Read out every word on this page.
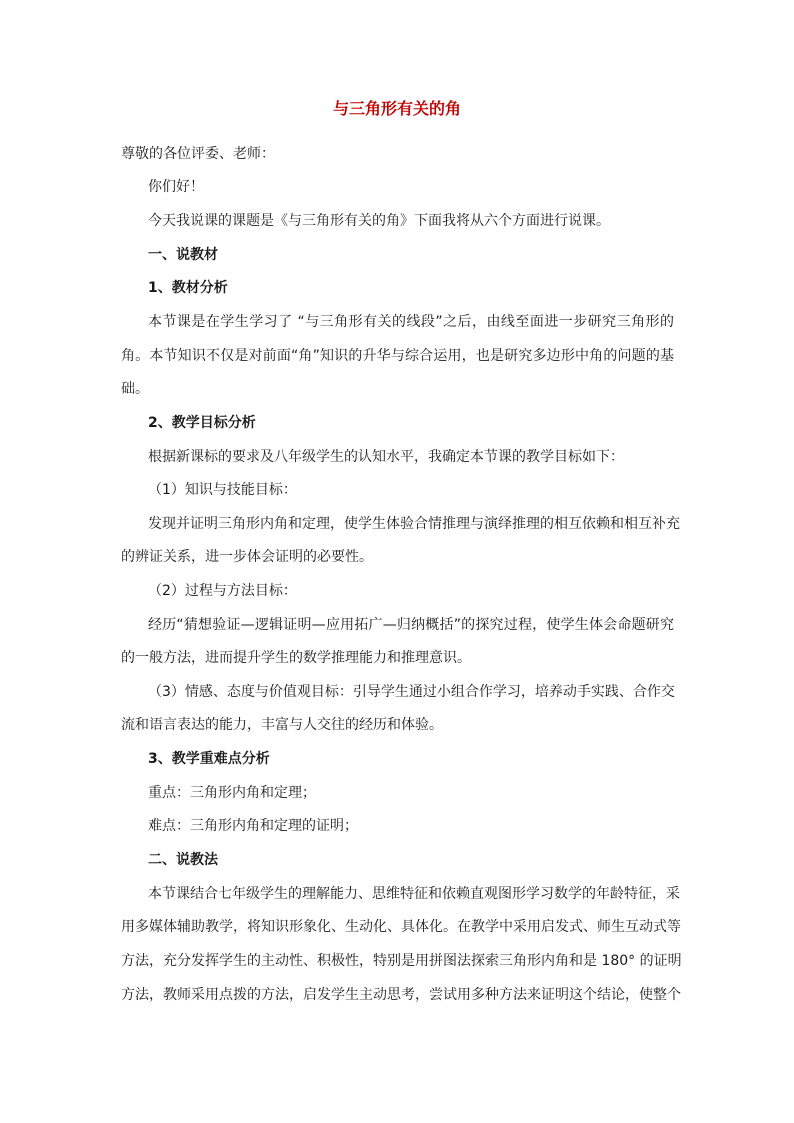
与三角形有关的角
尊敬的各位评委、老师：
你们好！
今天我说课的课题是《与三角形有关的角》下面我将从六个方面进行说课。
一、说教材
1、教材分析
本节课是在学生学习了 “与三角形有关的线段”之后，由线至面进一步研究三角形的
角。本节知识不仅是对前面“角”知识的升华与综合运用，也是研究多边形中角的问题的基
础。
2、教学目标分析
根据新课标的要求及八年级学生的认知水平，我确定本节课的教学目标如下：
（1）知识与技能目标：
发现并证明三角形内角和定理，使学生体验合情推理与演绎推理的相互依赖和相互补充
的辨证关系，进一步体会证明的必要性。
（2）过程与方法目标：
经历“猜想验证—逻辑证明—应用拓广—归纳概括”的探究过程，使学生体会命题研究
的一般方法，进而提升学生的数学推理能力和推理意识。
（3）情感、态度与价值观目标：引导学生通过小组合作学习，培养动手实践、合作交
流和语言表达的能力，丰富与人交往的经历和体验。
3、教学重难点分析
重点：三角形内角和定理；
难点：三角形内角和定理的证明；
二、说教法
本节课结合七年级学生的理解能力、思维特征和依赖直观图形学习数学的年龄特征，采
用多媒体辅助教学，将知识形象化、生动化、具体化。在教学中采用启发式、师生互动式等
方法，充分发挥学生的主动性、积极性，特别是用拼图法探索三角形内角和是 180° 的证明
方法，教师采用点拨的方法，启发学生主动思考，尝试用多种方法来证明这个结论，使整个
